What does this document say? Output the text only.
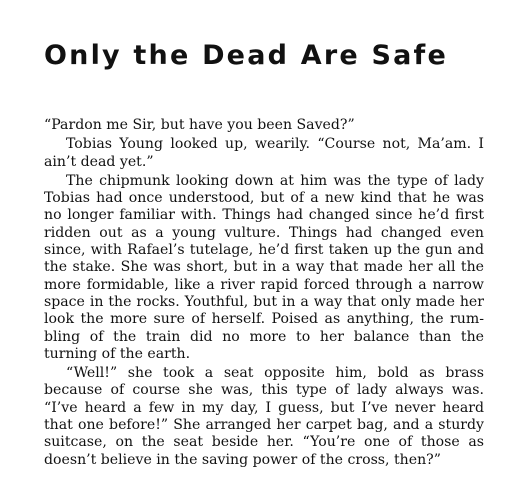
Only the Dead Are Safe

“Pardon me Sir, but have you been Saved?”

Tobias Young looked up, wearily. “Course not, Ma’am. I ain’t dead yet.”

The chipmunk looking down at him was the type of lady Tobias had once understood, but of a new kind that he was no longer familiar with. Things had changed since he’d first ridden out as a young vulture. Things had changed even since, with Rafael’s tutelage, he’d first taken up the gun and the stake. She was short, but in a way that made her all the more formidable, like a river rapid forced through a narrow space in the rocks. Youthful, but in a way that only made her look the more sure of herself. Poised as anything, the rumbling of the train did no more to her balance than the turning of the earth.

“Well!” she took a seat opposite him, bold as brass because of course she was, this type of lady always was. “I’ve heard a few in my day, I guess, but I’ve never heard that one before!” She arranged her carpet bag, and a sturdy suitcase, on the seat beside her. “You’re one of those as doesn’t believe in the saving power of the cross, then?”
